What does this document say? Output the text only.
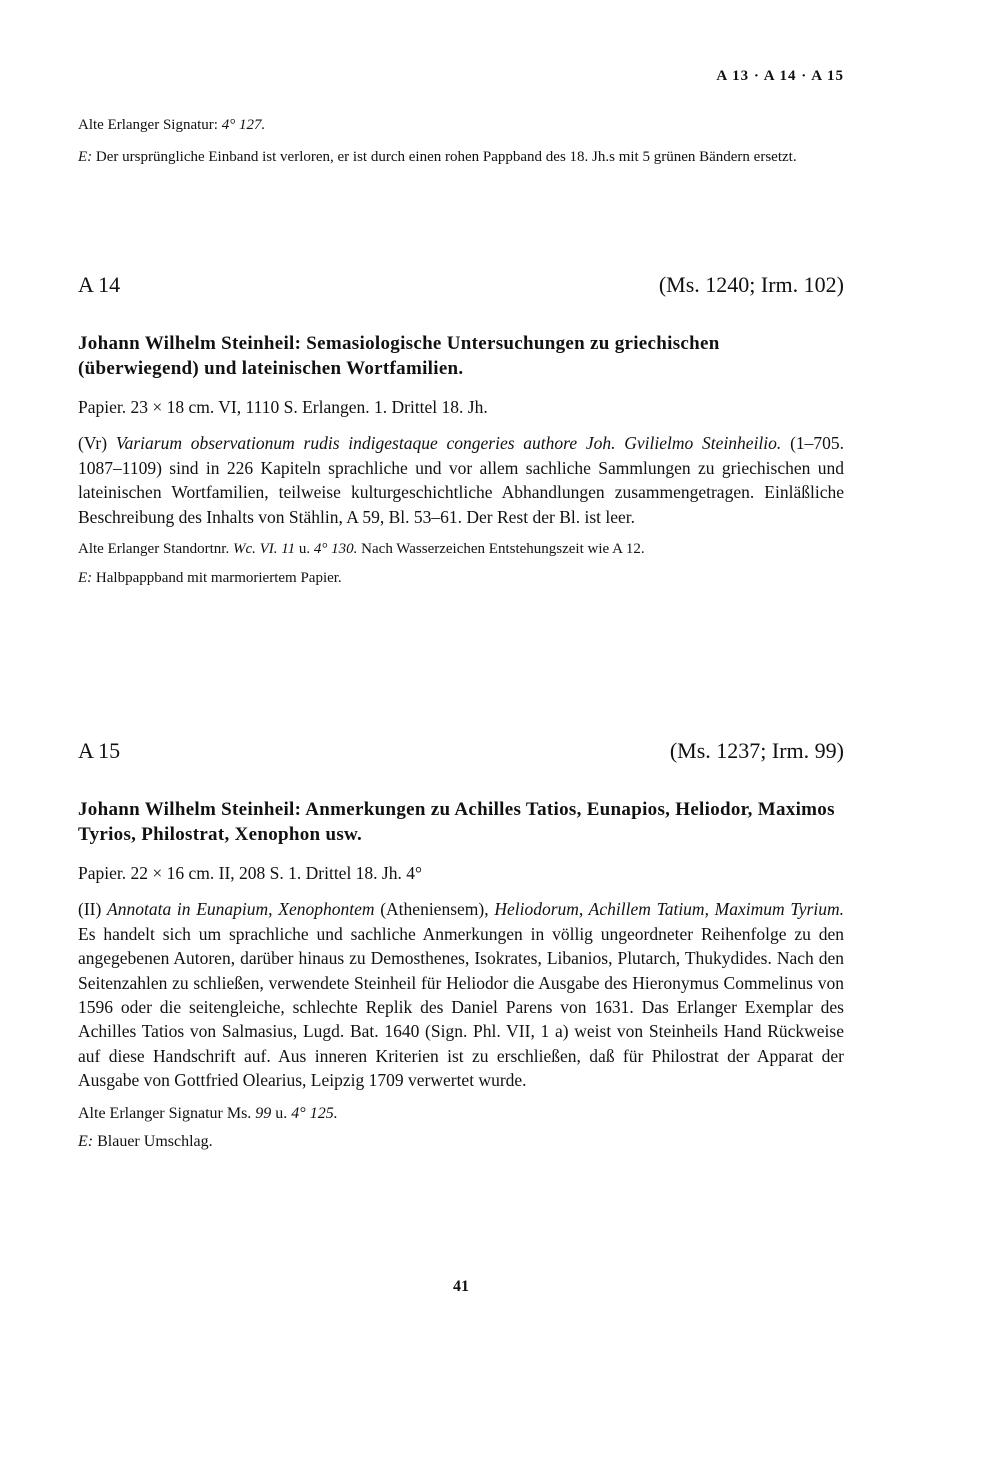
A 13 · A 14 · A 15

Alte Erlanger Signatur: 4° 127.

E: Der ursprüngliche Einband ist verloren, er ist durch einen rohen Pappband des 18. Jh.s mit 5 grünen Bändern ersetzt.

A 14	(Ms. 1240; Irm. 102)

Johann Wilhelm Steinheil: Semasiologische Untersuchungen zu griechischen (überwiegend) und lateinischen Wortfamilien.

Papier. 23 × 18 cm. VI, 1110 S. Erlangen. 1. Drittel 18. Jh.

(Vr) Variarum observationum rudis indigestaque congeries authore Joh. Gvilielmo Steinheilio. (1–705. 1087–1109) sind in 226 Kapiteln sprachliche und vor allem sachliche Sammlungen zu griechischen und lateinischen Wortfamilien, teilweise kulturgeschichtliche Abhandlungen zusammengetragen. Einläßliche Beschreibung des Inhalts von Stählin, A 59, Bl. 53–61. Der Rest der Bl. ist leer.

Alte Erlanger Standortnr. Wc. VI. 11 u. 4° 130. Nach Wasserzeichen Entstehungszeit wie A 12.

E: Halbpappband mit marmoriertem Papier.

A 15	(Ms. 1237; Irm. 99)

Johann Wilhelm Steinheil: Anmerkungen zu Achilles Tatios, Eunapios, Heliodor, Maximos Tyrios, Philostrat, Xenophon usw.

Papier. 22 × 16 cm. II, 208 S. 1. Drittel 18. Jh. 4°

(II) Annotata in Eunapium, Xenophontem (Atheniensem), Heliodorum, Achillem Tatium, Maximum Tyrium. Es handelt sich um sprachliche und sachliche Anmerkungen in völlig ungeordneter Reihenfolge zu den angegebenen Autoren, darüber hinaus zu Demosthenes, Isokrates, Libanios, Plutarch, Thukydides. Nach den Seitenzahlen zu schließen, verwendete Steinheil für Heliodor die Ausgabe des Hieronymus Commelinus von 1596 oder die seitengleiche, schlechte Replik des Daniel Parens von 1631. Das Erlanger Exemplar des Achilles Tatios von Salmasius, Lugd. Bat. 1640 (Sign. Phl. VII, 1 a) weist von Steinheils Hand Rückweise auf diese Handschrift auf. Aus inneren Kriterien ist zu erschließen, daß für Philostrat der Apparat der Ausgabe von Gottfried Olearius, Leipzig 1709 verwertet wurde.

Alte Erlanger Signatur Ms. 99 u. 4° 125.

E: Blauer Umschlag.

41
